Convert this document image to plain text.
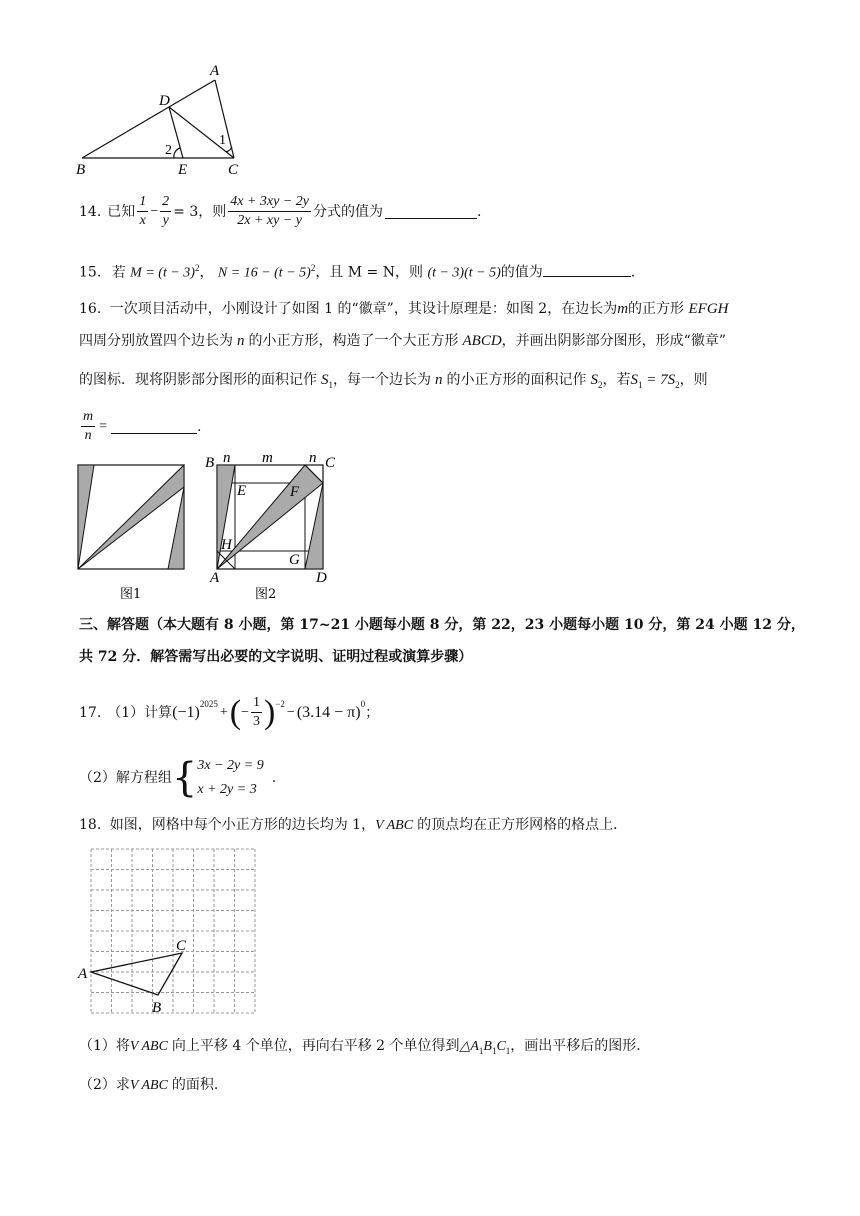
A
D
1
2
B	E	C
14. 已知 $\frac{1}{x} - \frac{2}{y} = 3$，则 $\frac{4x + 3xy - 2y}{2x + xy - y}$ 分式的值为	.
15. 若 $M = (t - 3)^2$， $N = 16 - (t - 5)^2$，且 M = N，则 (t − 3)(t − 5)的值为	.
16. 一次项目活动中，小刚设计了如图 1 的“徽章”，其设计原理是：如图 2，在边长为m的正方形 EFGH
四周分别放置四个边长为 n 的小正方形，构造了一个大正方形 ABCD，并画出阴影部分图形，形成“徽章”
的图标．现将阴影部分图形的面积记作 $S_1$，每一个边长为 n 的小正方形的面积记作 $S_2$，若$S_1 = 7S_2$，则
$\frac{m}{n}$ =	.
图1
B n m n C
E	F
H
G
A	D
图2
三、解答题（本大题有 8 小题，第 17~21 小题每小题 8 分，第 22，23 小题每小题 10 分，第 24 小题 12 分，
共 72 分．解答需写出必要的文字说明、证明过程或演算步骤）
17. （1）计算 $(-1)^{2025}$
+ ( − $\frac{1}{3} )^{-2}$
− $(3.14 - \pi)^0$
；
（2）解方程组 { 3x − 2y = 9
x + 2y = 3
.
18. 如图，网格中每个小正方形的边长均为 1，V ABC 的顶点均在正方形网格的格点上．
A
B
C
（1）将V ABC 向上平移 4 个单位，再向右平移 2 个单位得到$\triangle A_1B_1C_1$，画出平移后的图形．
（2）求V ABC 的面积．
